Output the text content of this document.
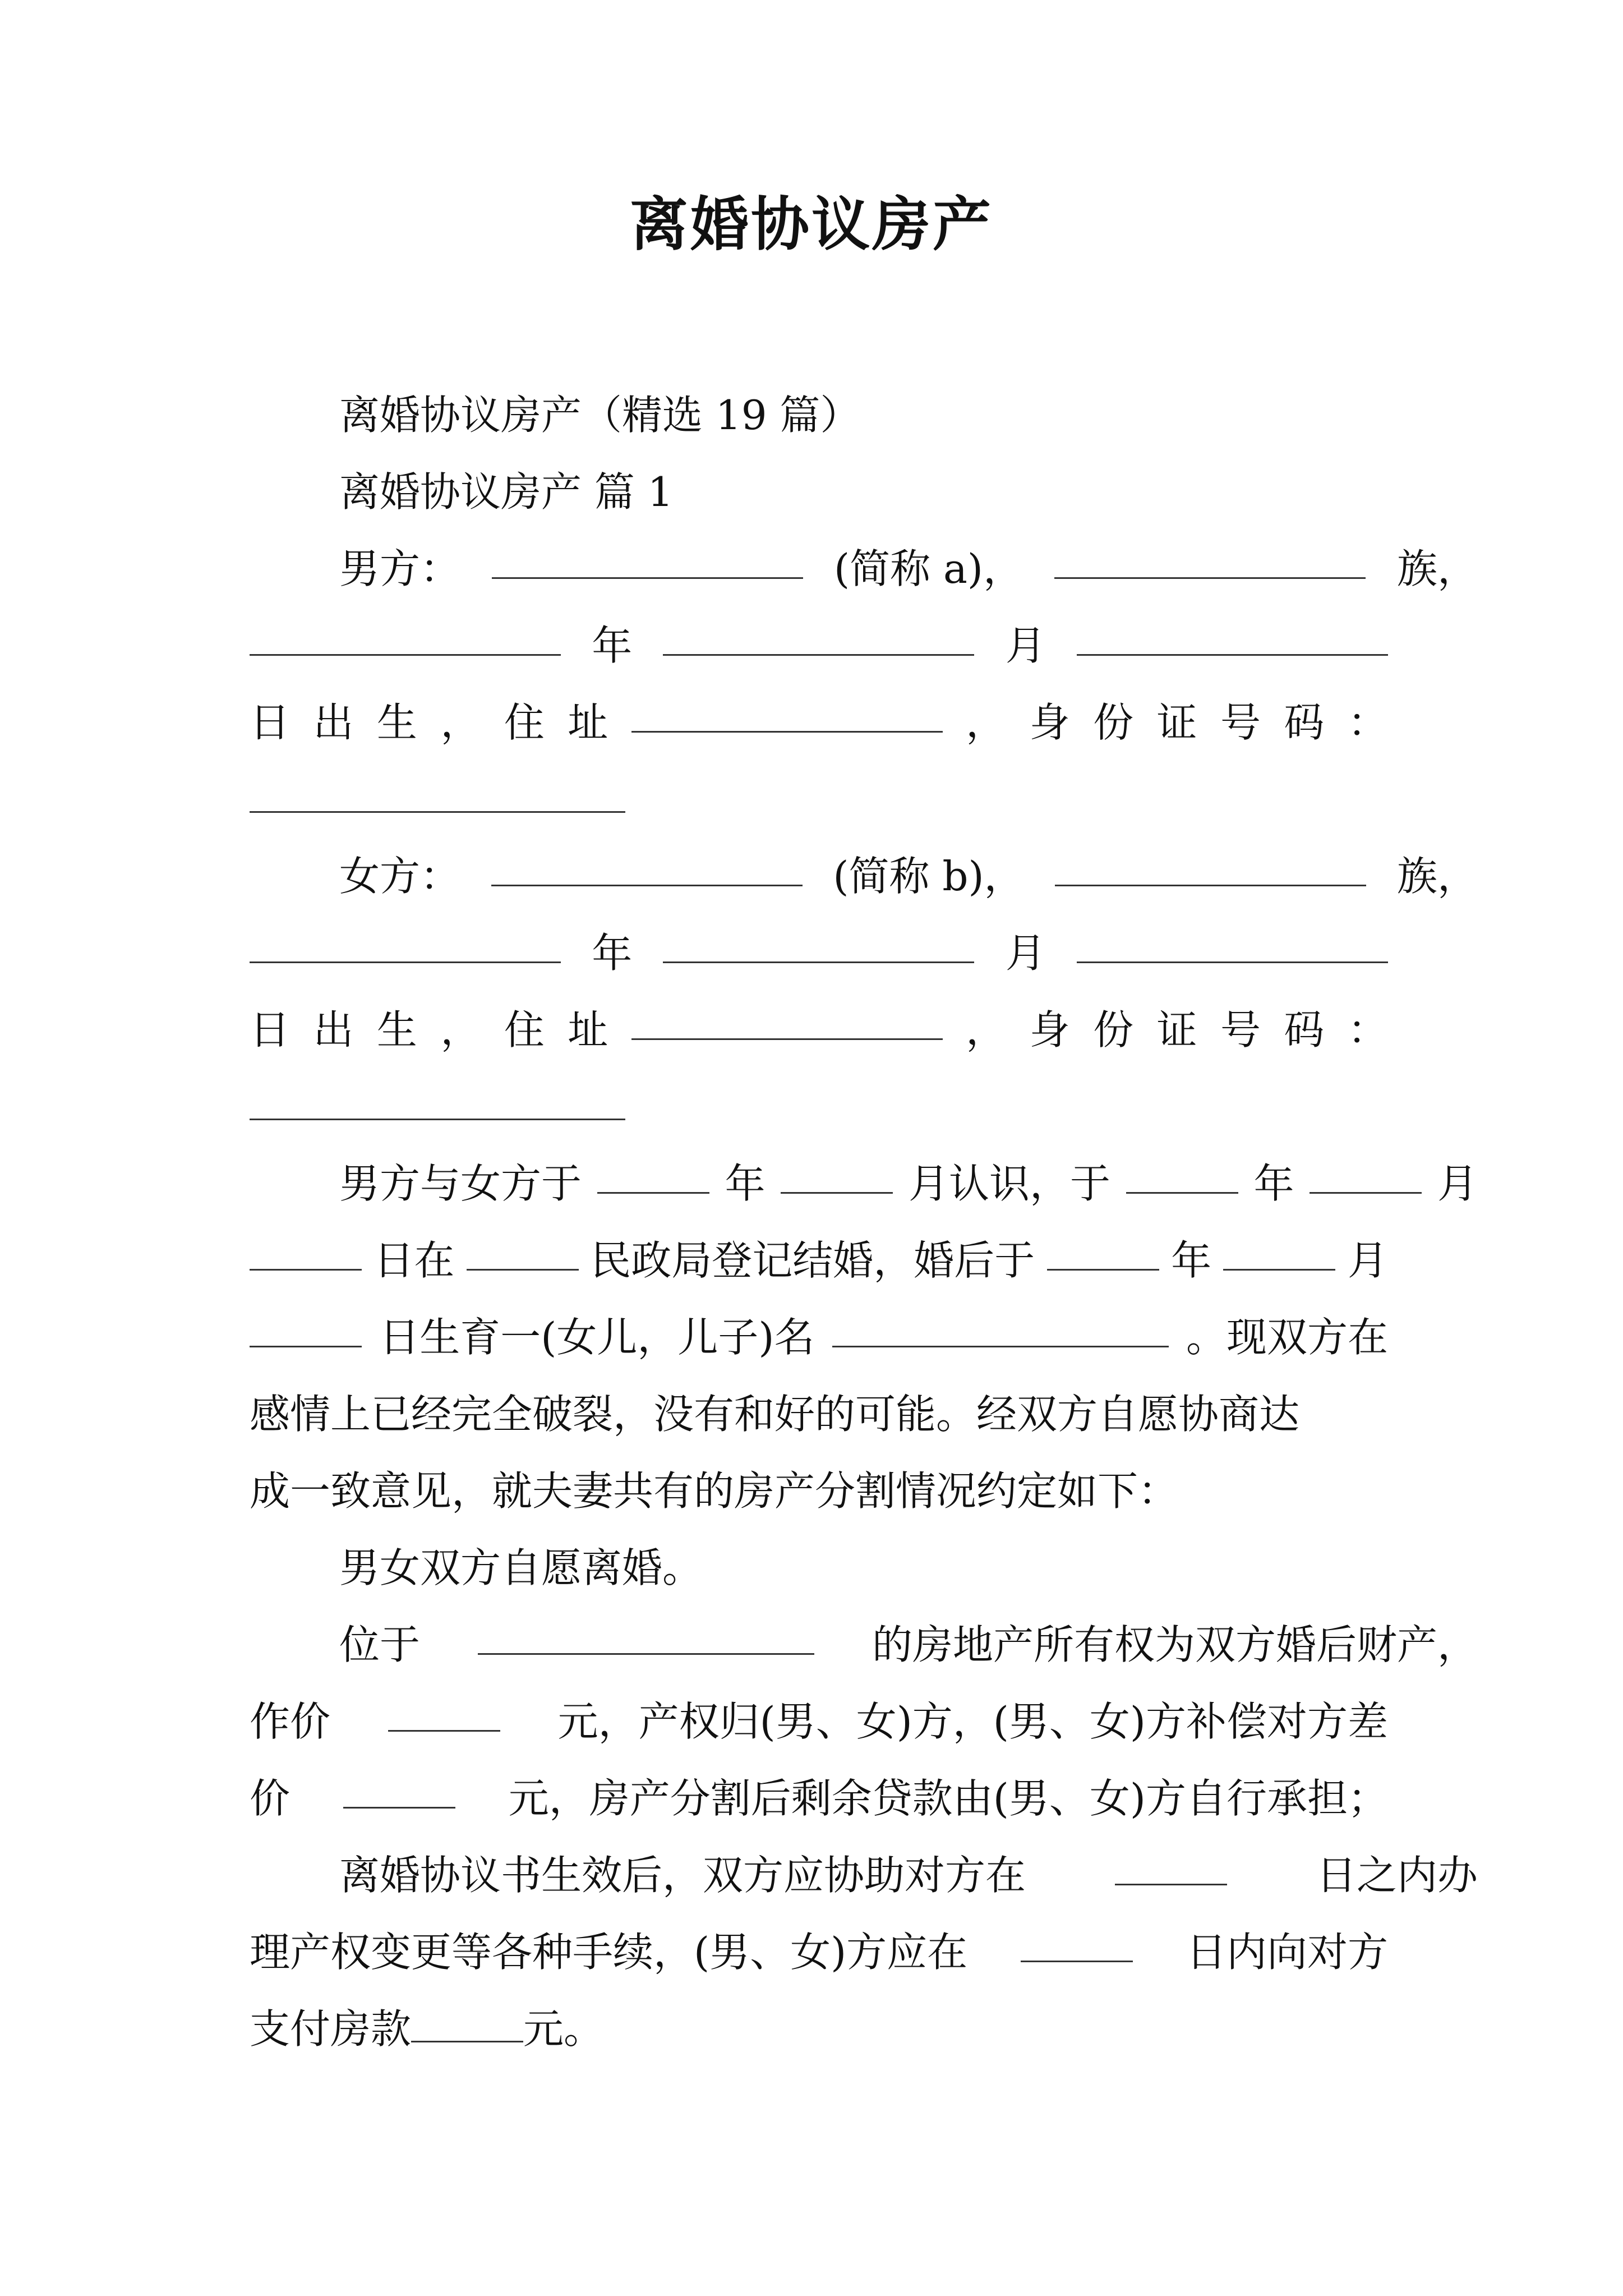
离婚协议房产
离婚协议房产（精选 19 篇）
离婚协议房产 篇 1
男方：	(简称 a)，	族，
年	月
日 出 生 ， 住 址	， 身 份 证 号 码 ：
女方：	(简称 b)，	族，
年	月
日 出 生 ， 住 址	， 身 份 证 号 码 ：
男方与女方于	年	月认识，于	年	月
日在	民政局登记结婚，婚后于	年	月
日生育一(女儿，儿子)名	。现双方在
感情上已经完全破裂，没有和好的可能。经双方自愿协商达
成一致意见，就夫妻共有的房产分割情况约定如下：
男女双方自愿离婚。
位于	的房地产所有权为双方婚后财产，
作价	元，产权归(男、女)方，(男、女)方补偿对方差
价	元，房产分割后剩余贷款由(男、女)方自行承担；
离婚协议书生效后，双方应协助对方在	日之内办
理产权变更等各种手续，(男、女)方应在	日内向对方
支付房款	元。
